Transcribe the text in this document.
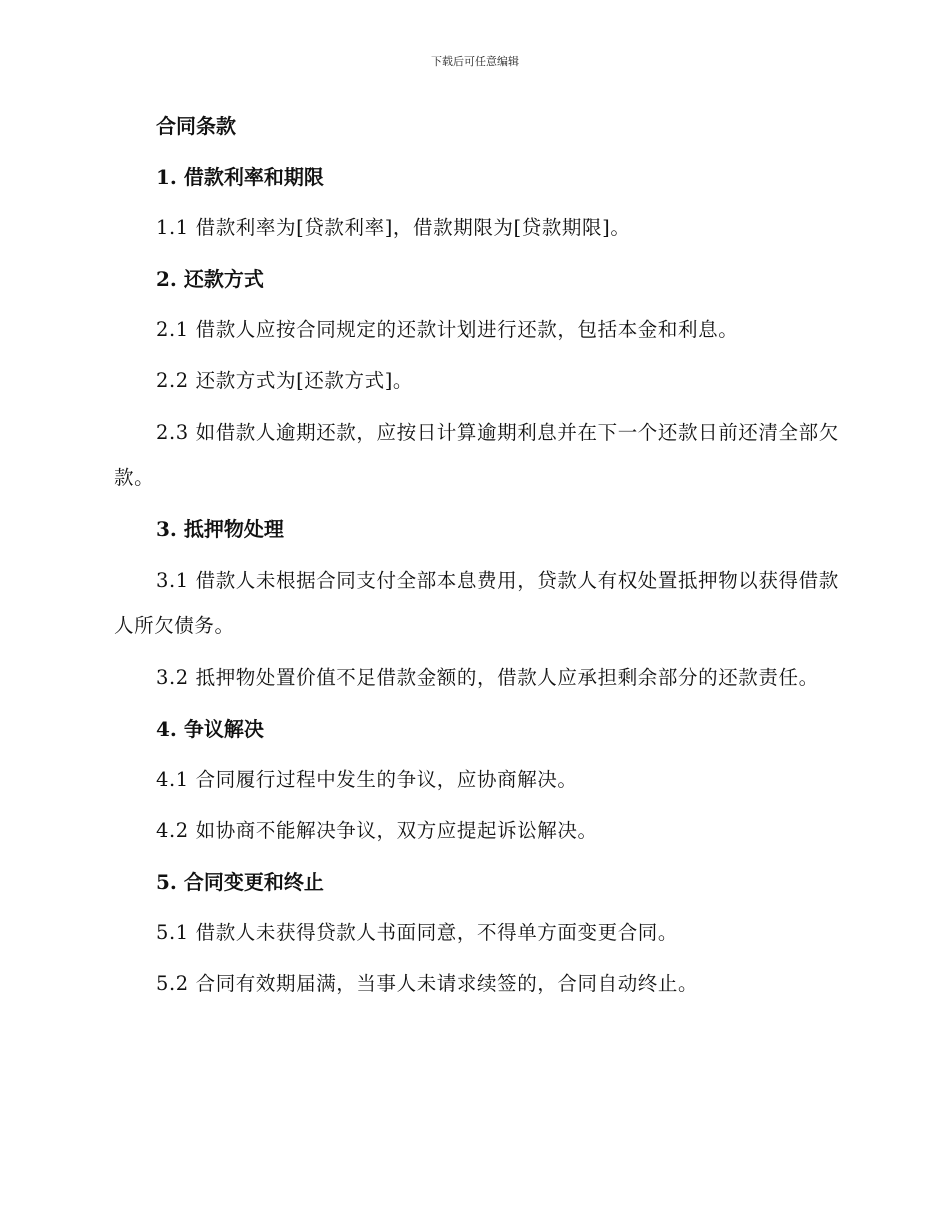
下载后可任意编辑
合同条款
1. 借款利率和期限

1.1 借款利率为[贷款利率]，借款期限为[贷款期限]。

2. 还款方式

2.1 借款人应按合同规定的还款计划进行还款，包括本金和利息。

2.2 还款方式为[还款方式]。

2.3 如借款人逾期还款，应按日计算逾期利息并在下一个还款日前还清全部欠款。

3. 抵押物处理

3.1 借款人未根据合同支付全部本息费用，贷款人有权处置抵押物以获得借款人所欠债务。

3.2 抵押物处置价值不足借款金额的，借款人应承担剩余部分的还款责任。

4. 争议解决

4.1 合同履行过程中发生的争议，应协商解决。

4.2 如协商不能解决争议，双方应提起诉讼解决。

5. 合同变更和终止

5.1 借款人未获得贷款人书面同意，不得单方面变更合同。

5.2 合同有效期届满，当事人未请求续签的，合同自动终止。
